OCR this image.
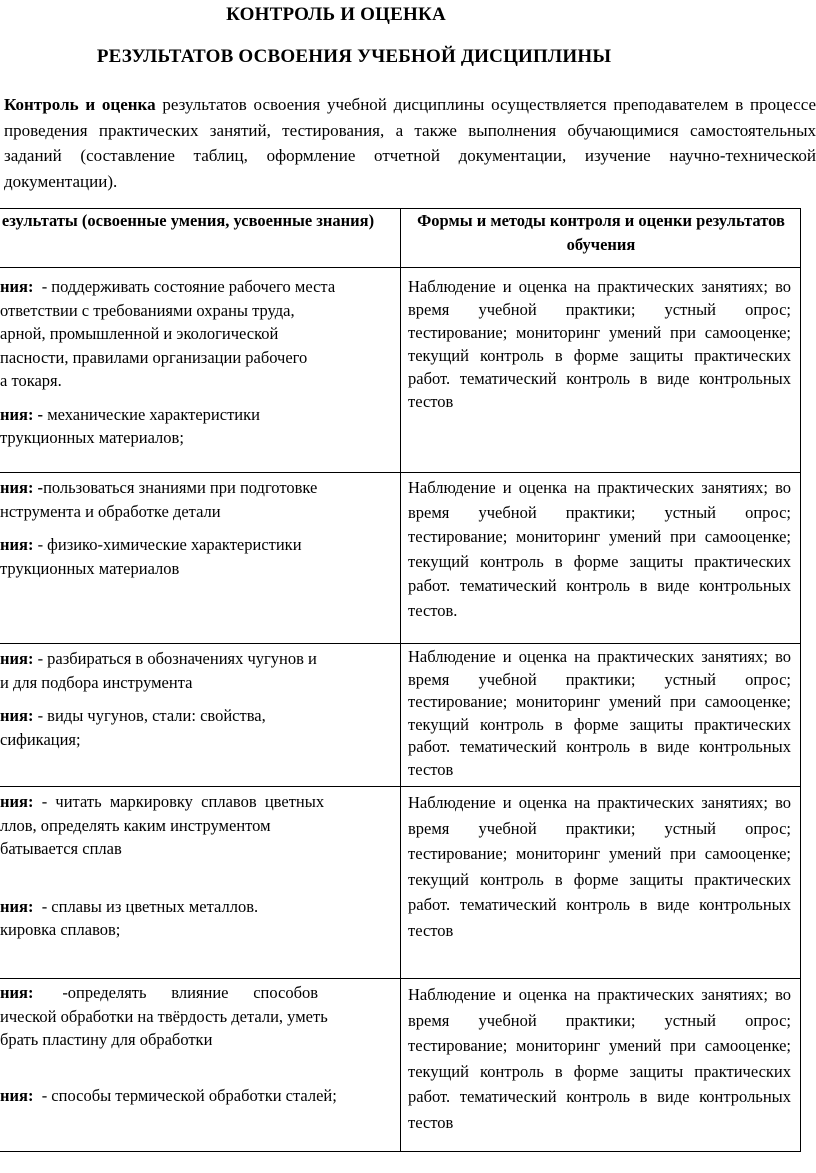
КОНТРОЛЬ И ОЦЕНКА
РЕЗУЛЬТАТОВ ОСВОЕНИЯ УЧЕБНОЙ ДИСЦИПЛИНЫ
Контроль и оценка результатов освоения учебной дисциплины осуществляется преподавателем в процессе проведения практических занятий, тестирования, а также выполнения обучающимися самостоятельных заданий (составление таблиц, оформление отчетной документации, изучение научно-технической документации).
езультаты (освоенные умения, усвоенные знания)	Формы и методы контроля и оценки результатов обучения
ния:  - поддерживать состояние рабочего места
ответствии с требованиями охраны труда,
арной, промышленной и экологической
пасности, правилами организации рабочего
а токаря.
ния: - механические характеристики
трукционных материалов;
ния: -пользоваться знаниями при подготовке
нструмента и обработке детали
ния: - физико-химические характеристики
трукционных материалов
ния: - разбираться в обозначениях чугунов и
и для подбора инструмента
ния: - виды чугунов, стали: свойства,
сификация;
ния:  -  читать  маркировку  сплавов  цветных
ллов, определять каким инструментом
батывается сплав
ния:  - сплавы из цветных металлов.
кировка сплавов;
ния:       -определять      влияние      способов
ической обработки на твёрдость детали, уметь
брать пластину для обработки
ния:  - способы термической обработки сталей;
Наблюдение и оценка на практических занятиях; во время учебной практики; устный опрос; тестирование; мониторинг умений при самооценке; текущий контроль в форме защиты практических работ. тематический контроль в виде контрольных тестов
Наблюдение и оценка на практических занятиях; во время учебной практики; устный опрос; тестирование; мониторинг умений при самооценке; текущий контроль в форме защиты практических работ. тематический контроль в виде контрольных тестов.
Наблюдение и оценка на практических занятиях; во время учебной практики; устный опрос; тестирование; мониторинг умений при самооценке; текущий контроль в форме защиты практических работ. тематический контроль в виде контрольных тестов
Наблюдение и оценка на практических занятиях; во время учебной практики; устный опрос; тестирование; мониторинг умений при самооценке; текущий контроль в форме защиты практических работ. тематический контроль в виде контрольных тестов
Наблюдение и оценка на практических занятиях; во время учебной практики; устный опрос; тестирование; мониторинг умений при самооценке; текущий контроль в форме защиты практических работ. тематический контроль в виде контрольных тестов
